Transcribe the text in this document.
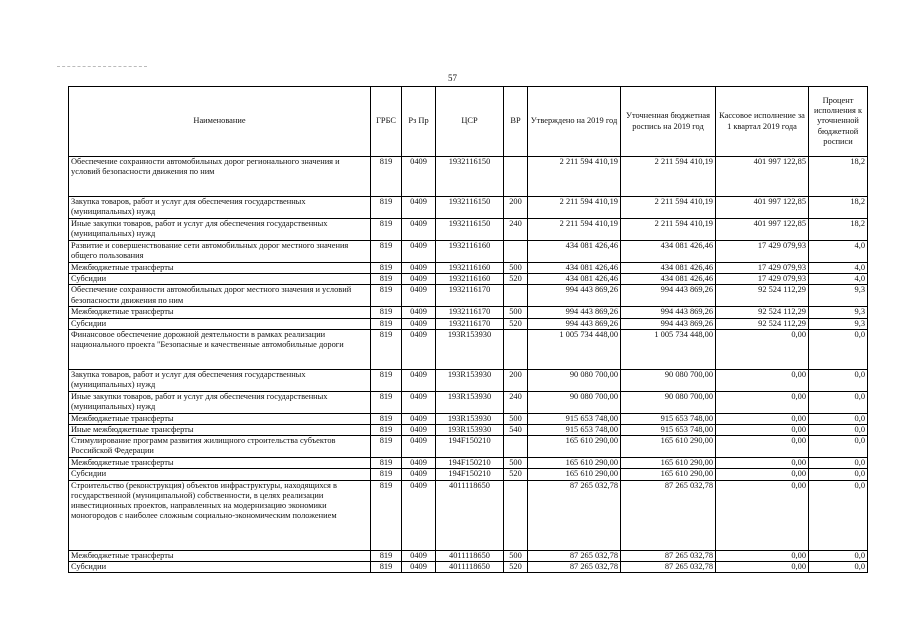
57
Наименование	ГРБС	Рз Пр	ЦСР	ВР	Утверждено на 2019 год	Уточненная бюджетная роспись на 2019 год	Кассовое исполнение за 1 квартал 2019 года	Процент исполнения к уточненной бюджетной росписи
Обеспечение сохранности автомобильных дорог регионального значения и условий безопасности движения по ним	819	0409	1932116150		2 211 594 410,19	2 211 594 410,19	401 997 122,85	18,2
Закупка товаров, работ и услуг для обеспечения государственных (муниципальных) нужд	819	0409	1932116150	200	2 211 594 410,19	2 211 594 410,19	401 997 122,85	18,2
Иные закупки товаров, работ и услуг для обеспечения государственных (муниципальных) нужд	819	0409	1932116150	240	2 211 594 410,19	2 211 594 410,19	401 997 122,85	18,2
Развитие и совершенствование сети автомобильных дорог местного значения общего пользования	819	0409	1932116160		434 081 426,46	434 081 426,46	17 429 079,93	4,0
Межбюджетные трансферты	819	0409	1932116160	500	434 081 426,46	434 081 426,46	17 429 079,93	4,0
Субсидии	819	0409	1932116160	520	434 081 426,46	434 081 426,46	17 429 079,93	4,0
Обеспечение сохранности автомобильных дорог местного значения и условий безопасности движения по ним	819	0409	1932116170		994 443 869,26	994 443 869,26	92 524 112,29	9,3
Межбюджетные трансферты	819	0409	1932116170	500	994 443 869,26	994 443 869,26	92 524 112,29	9,3
Субсидии	819	0409	1932116170	520	994 443 869,26	994 443 869,26	92 524 112,29	9,3
Финансовое обеспечение дорожной деятельности в рамках реализации национального проекта "Безопасные и качественные автомобильные дороги	819	0409	193R153930		1 005 734 448,00	1 005 734 448,00	0,00	0,0
Закупка товаров, работ и услуг для обеспечения государственных (муниципальных) нужд	819	0409	193R153930	200	90 080 700,00	90 080 700,00	0,00	0,0
Иные закупки товаров, работ и услуг для обеспечения государственных (муниципальных) нужд	819	0409	193R153930	240	90 080 700,00	90 080 700,00	0,00	0,0
Межбюджетные трансферты	819	0409	193R153930	500	915 653 748,00	915 653 748,00	0,00	0,0
Иные межбюджетные трансферты	819	0409	193R153930	540	915 653 748,00	915 653 748,00	0,00	0,0
Стимулирование программ развития жилищного строительства субъектов Российской Федерации	819	0409	194F150210		165 610 290,00	165 610 290,00	0,00	0,0
Межбюджетные трансферты	819	0409	194F150210	500	165 610 290,00	165 610 290,00	0,00	0,0
Субсидии	819	0409	194F150210	520	165 610 290,00	165 610 290,00	0,00	0,0
Строительство (реконструкция) объектов инфраструктуры, находящихся в государственной (муниципальной) собственности, в целях реализации инвестиционных проектов, направленных на модернизацию экономики моногородов с наиболее сложным социально-экономическим положением	819	0409	4011118650		87 265 032,78	87 265 032,78	0,00	0,0
Межбюджетные трансферты	819	0409	4011118650	500	87 265 032,78	87 265 032,78	0,00	0,0
Субсидии	819	0409	4011118650	520	87 265 032,78	87 265 032,78	0,00	0,0
